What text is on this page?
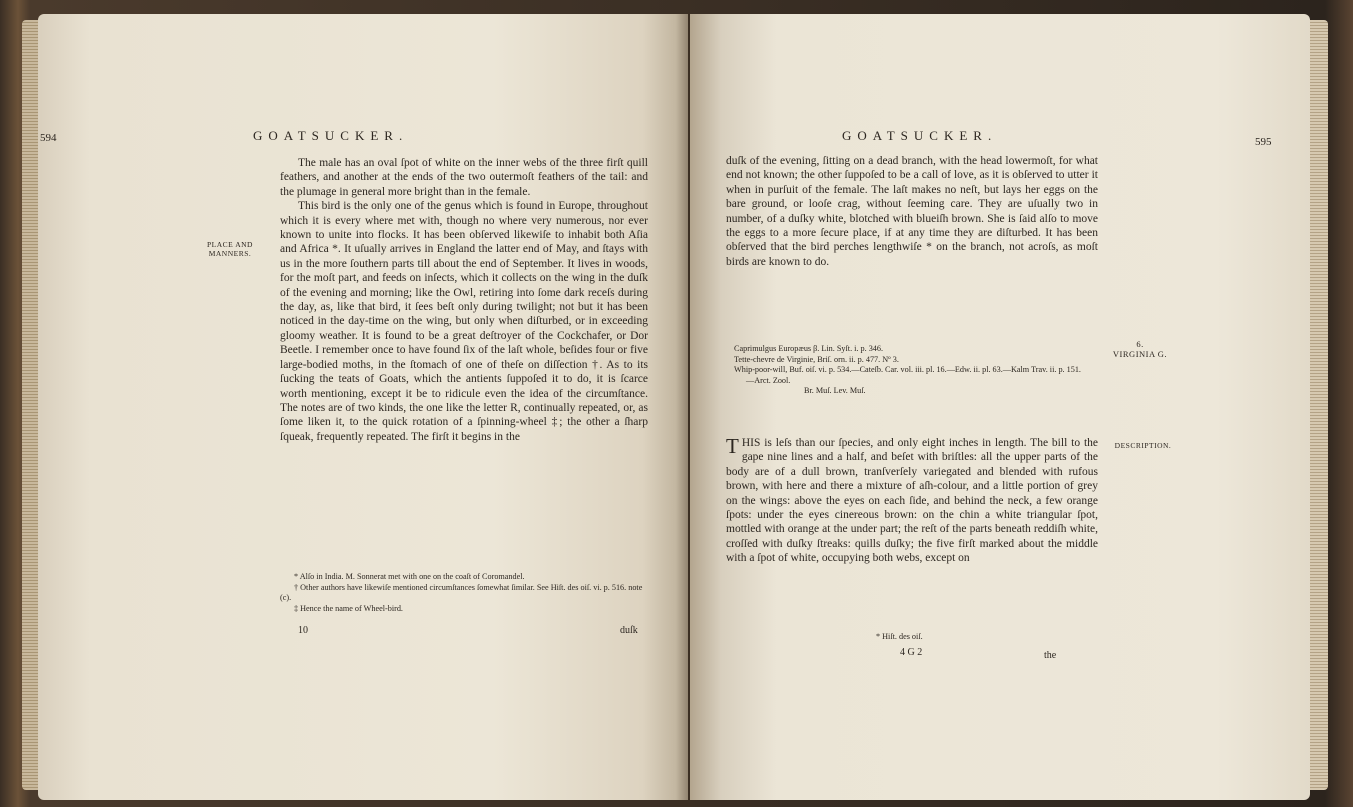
594	GOATSUCKER.
PLACE AND MANNERS.

The male has an oval ſpot of white on the inner webs of the three firſt quill feathers, and another at the ends of the two outermoſt feathers of the tail: and the plumage in general more bright than in the female.

This bird is the only one of the genus which is found in Europe, throughout which it is every where met with, though no where very numerous, nor ever known to unite into flocks. It has been obſerved likewiſe to inhabit both Aſia and Africa *. It uſually arrives in England the latter end of May, and ſtays with us in the more ſouthern parts till about the end of September. It lives in woods, for the moſt part, and feeds on inſects, which it collects on the wing in the duſk of the evening and morning; like the Owl, retiring into ſome dark receſs during the day, as, like that bird, it ſees beſt only during twilight; not but it has been noticed in the day-time on the wing, but only when diſturbed, or in exceeding gloomy weather. It is found to be a great deſtroyer of the Cockchafer, or Dor Beetle. I remember once to have found ſix of the laſt whole, beſides four or five large-bodied moths, in the ſtomach of one of theſe on diſſection †. As to its ſucking the teats of Goats, which the antients ſuppoſed it to do, it is ſcarce worth mentioning, except it be to ridicule even the idea of the circumſtance. The notes are of two kinds, the one like the letter R, continually repeated, or, as ſome liken it, to the quick rotation of a ſpinning-wheel ‡; the other a ſharp ſqueak, frequently repeated. The firſt it begins in the

* Alſo in India. M. Sonnerat met with one on the coaſt of Coromandel.
† Other authors have likewiſe mentioned circumſtances ſomewhat ſimilar. See Hiſt. des oiſ. vi. p. 516. note (c).
‡ Hence the name of Wheel-bird.
10	duſk
GOATSUCKER.	595

duſk of the evening, ſitting on a dead branch, with the head lowermoſt, for what end not known; the other ſuppoſed to be a call of love, as it is obſerved to utter it when in purſuit of the female. The laſt makes no neſt, but lays her eggs on the bare ground, or looſe crag, without ſeeming care. They are uſually two in number, of a duſky white, blotched with blueiſh brown. She is ſaid alſo to move the eggs to a more ſecure place, if at any time they are diſturbed. It has been obſerved that the bird perches lengthwiſe * on the branch, not acroſs, as moſt birds are known to do.

6.
VIRGINIA G.
Caprimulgus Europæus β. Lin. Syſt. i. p. 346.
Tette-chevre de Virginie, Briſ. orn. ii. p. 477. Nº 3.
Whip-poor-will, Buf. oiſ. vi. p. 534.—Cateſb. Car. vol. iii. pl. 16.—Edw. ii. pl. 63.—Kalm Trav. ii. p. 151.—Arct. Zool.
Br. Muſ. Lev. Muſ.
DESCRIPTION.

THIS is leſs than our ſpecies, and only eight inches in length. The bill to the gape nine lines and a half, and beſet with briſtles: all the upper parts of the body are of a dull brown, tranſverſely variegated and blended with rufous brown, with here and there a mixture of aſh-colour, and a little portion of grey on the wings: above the eyes on each ſide, and behind the neck, a few orange ſpots: under the eyes cinereous brown: on the chin a white triangular ſpot, mottled with orange at the under part; the reſt of the parts beneath reddiſh white, croſſed with duſky ſtreaks: quills duſky; the five firſt marked about the middle with a ſpot of white, occupying both webs, except on

* Hiſt. des oiſ.
4 G 2	the
